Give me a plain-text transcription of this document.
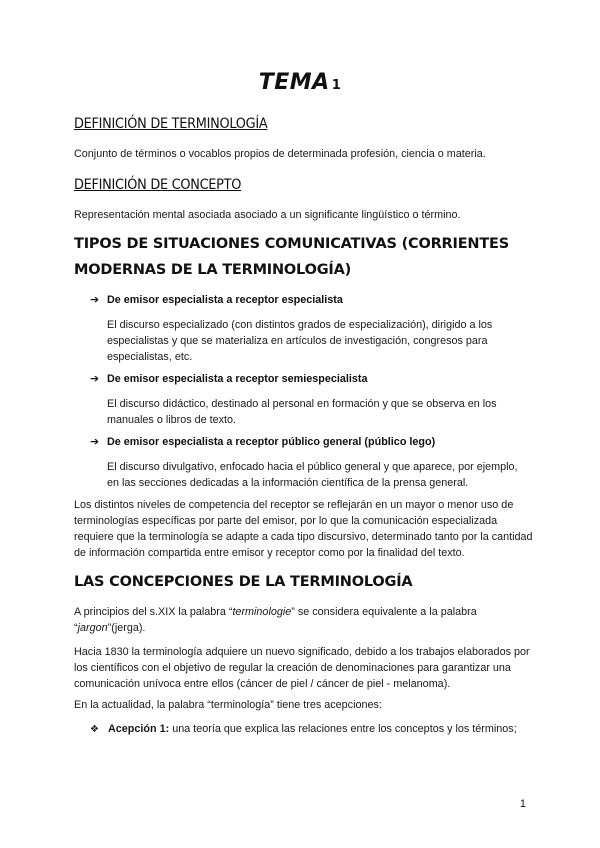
TEMA 1
DEFINICIÓN DE TERMINOLOGÍA
Conjunto de términos o vocablos propios de determinada profesión, ciencia o materia.
DEFINICIÓN DE CONCEPTO
Representación mental asociada asociado a un significante lingüístico o término.
TIPOS DE SITUACIONES COMUNICATIVAS (CORRIENTES MODERNAS DE LA TERMINOLOGÍA)
➔ De emisor especialista a receptor especialista
El discurso especializado (con distintos grados de especialización), dirigido a los especialistas y que se materializa en artículos de investigación, congresos para especialistas, etc.
➔ De emisor especialista a receptor semiespecialista
El discurso didáctico, destinado al personal en formación y que se observa en los manuales o libros de texto.
➔ De emisor especialista a receptor público general (público lego)
El discurso divulgativo, enfocado hacia el público general y que aparece, por ejemplo, en las secciones dedicadas a la información científica de la prensa general.
Los distintos niveles de competencia del receptor se reflejarán en un mayor o menor uso de terminologías específicas por parte del emisor, por lo que la comunicación especializada requiere que la terminología se adapte a cada tipo discursivo, determinado tanto por la cantidad de información compartida entre emisor y receptor como por la finalidad del texto.
LAS CONCEPCIONES DE LA TERMINOLOGÍA
A principios del s.XIX la palabra “terminologie” se considera equivalente a la palabra “jargon”(jerga).
Hacia 1830 la terminología adquiere un nuevo significado, debido a los trabajos elaborados por los científicos con el objetivo de regular la creación de denominaciones para garantizar una comunicación unívoca entre ellos (cáncer de piel / cáncer de piel - melanoma).
En la actualidad, la palabra “terminología” tiene tres acepciones:
❖ Acepción 1: una teoría que explica las relaciones entre los conceptos y los términos;
1
